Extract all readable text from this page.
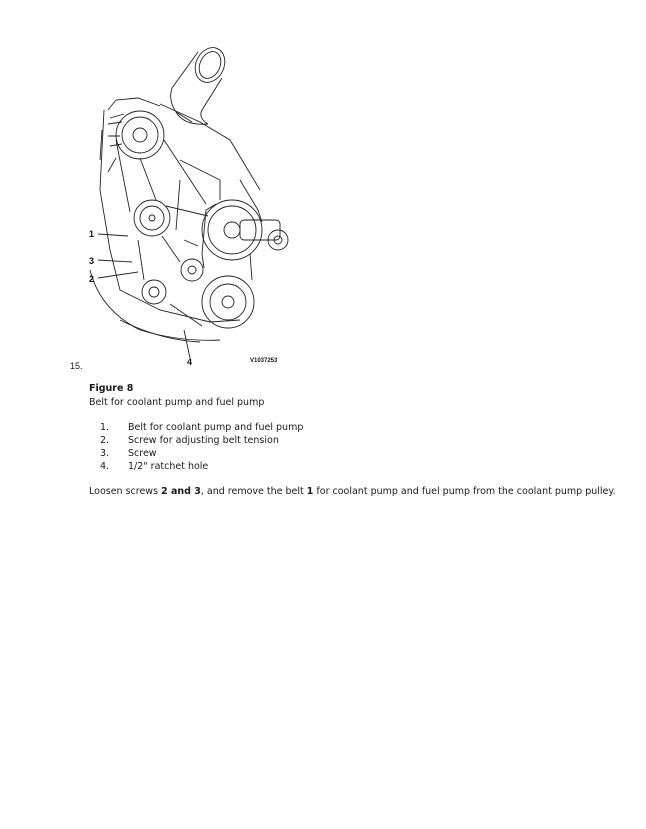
1
3
2
4	V1037253
15.
Figure 8
Belt for coolant pump and fuel pump
1. Belt for coolant pump and fuel pump
2. Screw for adjusting belt tension
3. Screw
4. 1/2" ratchet hole
Loosen screws 2 and 3, and remove the belt 1 for coolant pump and fuel pump from the coolant pump pulley.
